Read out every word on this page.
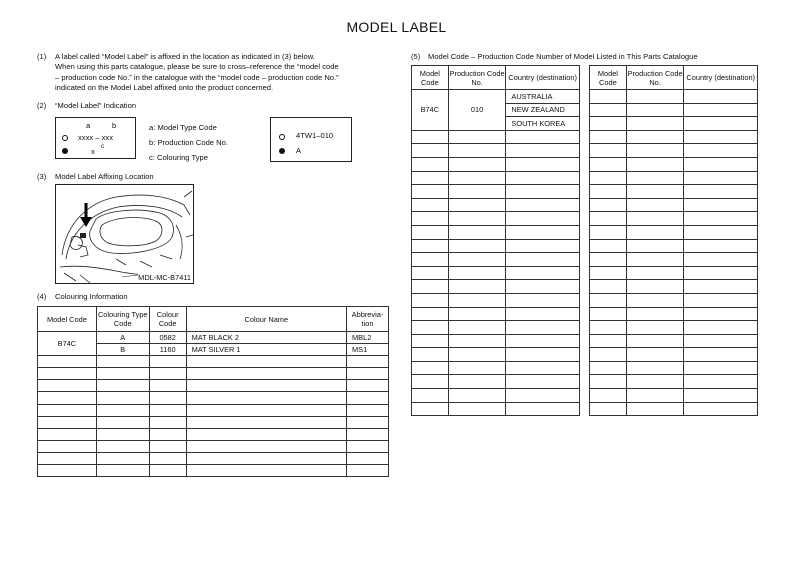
MODEL LABEL
(1) A label called “Model Label” is affixed in the location as indicated in (3) below.
When using this parts catalogue, please be sure to cross–reference the “model code
– production code No.” in the catalogue with the “model code – production code No.”
indicated on the Model Label affixed onto the product concerned.
(2) “Model Label” Indication
a	b
xxxx – xxx
x
c
a: Model Type Code
b: Production Code No.
c: Colouring Type
4TW1–010
A
(3) Model Label Affixing Location
MDL-MC-B7411
(4) Colouring Information
Model Code	Colouring Type Code	Colour Code	Colour Name	Abbrevia-tion
B74C	A	0582	MAT BLACK 2	MBL2
	B	1160	MAT SILVER 1	MS1

(5) Model Code – Production Code Number of Model Listed in This Parts Catalogue
Model Code	Production Code No.	Country (destination)
B74C	010	AUSTRALIA
		NEW ZEALAND
		SOUTH KOREA

Model Code	Production Code No.	Country (destination)
